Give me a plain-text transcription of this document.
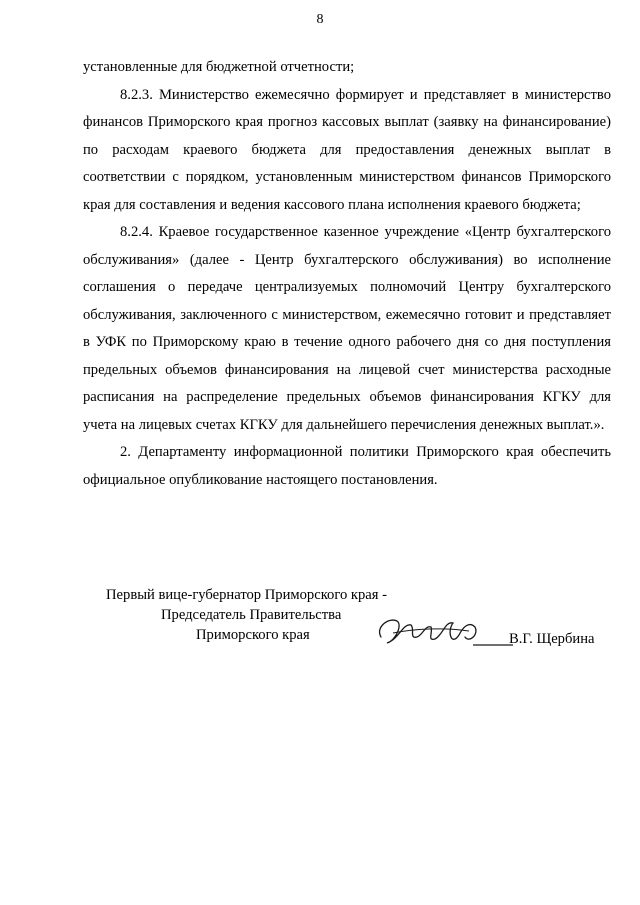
8

установленные для бюджетной отчетности;

8.2.3. Министерство ежемесячно формирует и представляет в министерство финансов Приморского края прогноз кассовых выплат (заявку на финансирование) по расходам краевого бюджета для предоставления денежных выплат в соответствии с порядком, установленным министерством финансов Приморского края для составления и ведения кассового плана исполнения краевого бюджета;

8.2.4. Краевое государственное казенное учреждение «Центр бухгалтерского обслуживания» (далее - Центр бухгалтерского обслуживания) во исполнение соглашения о передаче централизуемых полномочий Центру бухгалтерского обслуживания, заключенного с министерством, ежемесячно готовит и представляет в УФК по Приморскому краю в течение одного рабочего дня со дня поступления предельных объемов финансирования на лицевой счет министерства расходные расписания на распределение предельных объемов финансирования КГКУ для учета на лицевых счетах КГКУ для дальнейшего перечисления денежных выплат.».

2. Департаменту информационной политики Приморского края обеспечить официальное опубликование настоящего постановления.

Первый вице-губернатор Приморского края -
Председатель Правительства
Приморского края	В.Г. Щербина
